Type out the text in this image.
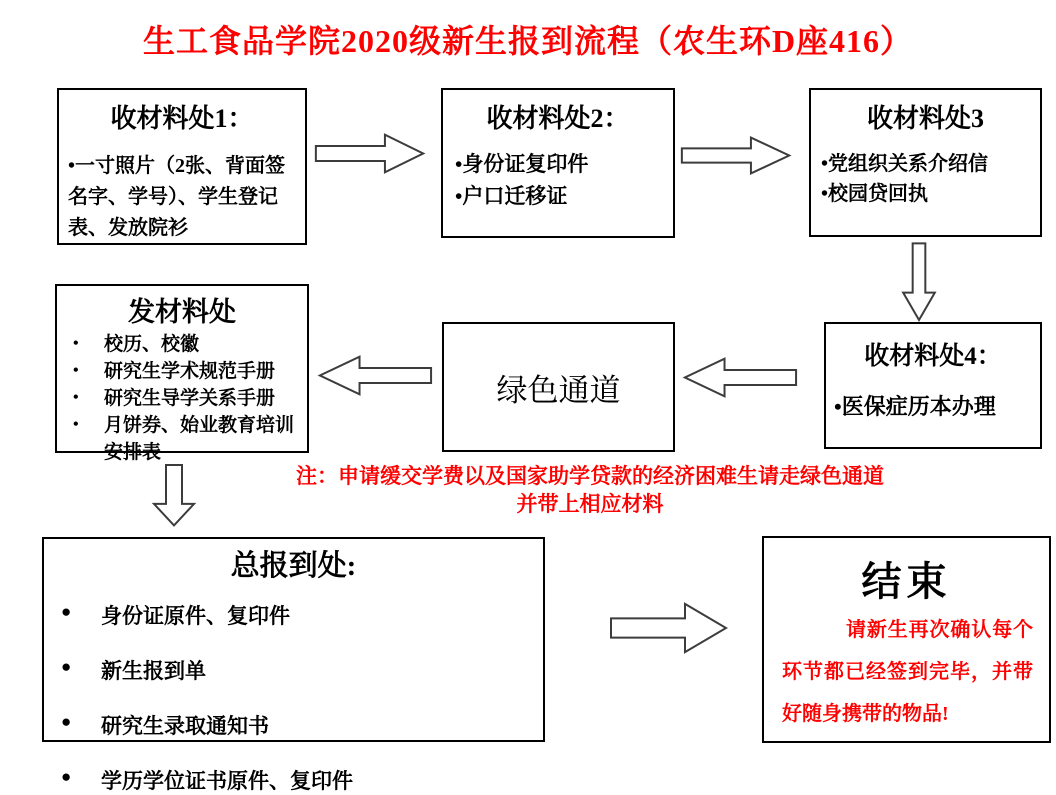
生工食品学院2020级新生报到流程（农生环D座416）
收材料处1：
•一寸照片（2张、背面签名字、学号）、学生登记表、发放院衫
收材料处2：
•身份证复印件
•户口迁移证
收材料处3
•党组织关系介绍信
•校园贷回执
发材料处
• 校历、校徽
• 研究生学术规范手册
• 研究生导学关系手册
• 月饼券、始业教育培训安排表
绿色通道
收材料处4：
•医保症历本办理
注：申请缓交学费以及国家助学贷款的经济困难生请走绿色通道
并带上相应材料
总报到处:
● 身份证原件、复印件
● 新生报到单
● 研究生录取通知书
● 学历学位证书原件、复印件
结束
请新生再次确认每个环节都已经签到完毕，并带好随身携带的物品!
